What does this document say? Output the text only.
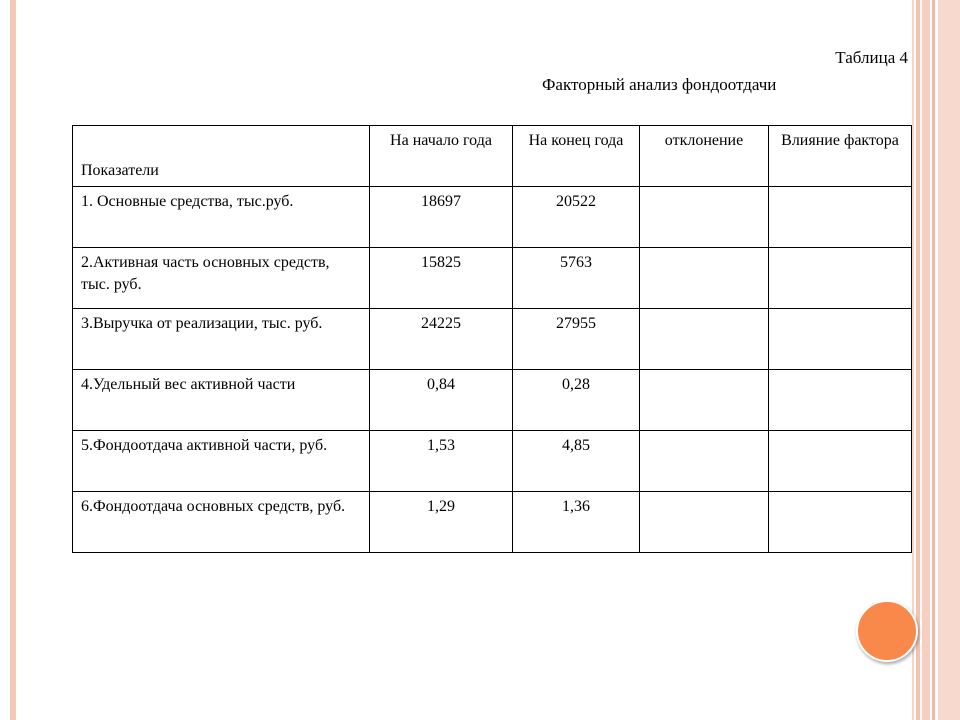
Таблица 4
Факторный анализ фондоотдачи
Показатели	На начало года	На конец года	отклонение	Влияние фактора
1. Основные средства, тыс.руб.	18697	20522		
2.Активная часть основных средств, тыс. руб.	15825	5763		
3.Выручка от реализации, тыс. руб.	24225	27955		
4.Удельный вес активной части	0,84	0,28		
5.Фондоотдача активной части, руб.	1,53	4,85		
6.Фондоотдача основных средств, руб.	1,29	1,36		
